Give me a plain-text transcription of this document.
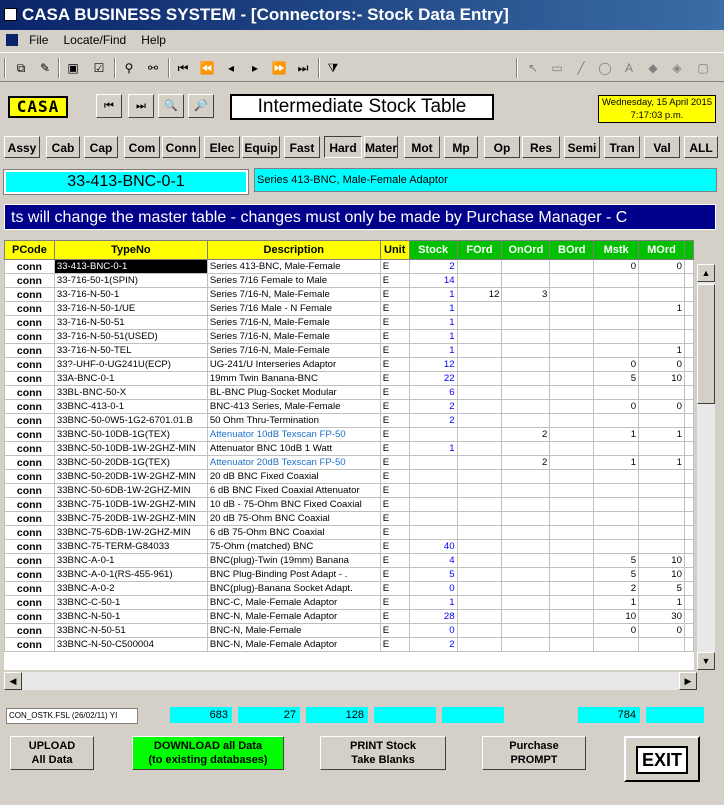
CASA BUSINESS SYSTEM - [Connectors:- Stock Data Entry]
File Locate/Find Help
⧉	✎	▣	☑	⚲	⚯	⏮ ⏪	◂	▸	⏩ ⏭	⧩	↖	▭	╱	◯	A	◆	◈	▢
CASA	⏮	⏭	🔍	🔎	Intermediate Stock Table	Wednesday, 15 April 2015
7:17:03 p.m.
Assy	Cab	Cap	Com Conn	Elec Equip	Fast	Hard Mater	Mot	Mp	Op	Res	Semi	Tran	Val	ALL
33-413-BNC-0-1	Series 413-BNC, Male-Female Adaptor
ts will change the master table - changes must only be made by Purchase Manager - C
PCode	TypeNo	Description	Unit	Stock	FOrd	OnOrd	BOrd	Mstk	MOrd	
conn	33-413-BNC-0-1	Series 413-BNC, Male-Female	E	2				0	0	
conn	33-716-50-1(SPIN)	Series 7/16 Female to Male	E	14						
conn	33-716-N-50-1	Series 7/16-N, Male-Female	E	1	12	3				
conn	33-716-N-50-1/UE	Series 7/16 Male - N Female	E	1					1	
conn	33-716-N-50-51	Series 7/16-N, Male-Female	E	1						
conn	33-716-N-50-51(USED)	Series 7/16-N, Male-Female	E	1						
conn	33-716-N-50-TEL	Series 7/16-N, Male-Female	E	1					1	
conn	33?-UHF-0-UG241U(ECP)	UG-241/U Interseries Adaptor	E	12				0	0	
conn	33A-BNC-0-1	19mm Twin Banana-BNC	E	22				5	10	
conn	33BL-BNC-50-X	BL-BNC Plug-Socket Modular	E	6						
conn	33BNC-413-0-1	BNC-413 Series, Male-Female	E	2				0	0	
conn	33BNC-50-0W5-1G2-6701.01.B	50 Ohm Thru-Termination	E	2						
conn	33BNC-50-10DB-1G(TEX)	Attenuator 10dB Texscan FP-50	E			2		1	1	
conn	33BNC-50-10DB-1W-2GHZ-MIN	Attenuator BNC 10dB 1 Watt	E	1						
conn	33BNC-50-20DB-1G(TEX)	Attenuator 20dB Texscan FP-50	E			2		1	1	
conn	33BNC-50-20DB-1W-2GHZ-MIN	20 dB BNC Fixed Coaxial	E							
conn	33BNC-50-6DB-1W-2GHZ-MIN	6 dB BNC Fixed Coaxial Attenuator	E							
conn	33BNC-75-10DB-1W-2GHZ-MIN	10 dB - 75-Ohm BNC Fixed Coaxial	E							
conn	33BNC-75-20DB-1W-2GHZ-MIN	20 dB 75-Ohm BNC Coaxial	E							
conn	33BNC-75-6DB-1W-2GHZ-MIN	6 dB 75-Ohm BNC Coaxial	E							
conn	33BNC-75-TERM-G84033	75-Ohm (matched) BNC	E	40						
conn	33BNC-A-0-1	BNC(plug)-Twin (19mm) Banana	E	4				5	10	
conn	33BNC-A-0-1(RS-455-961)	BNC Plug-Binding Post Adapt - .	E	5				5	10	
conn	33BNC-A-0-2	BNC(plug)-Banana Socket Adapt.	E	0				2	5	
conn	33BNC-C-50-1	BNC-C, Male-Female Adaptor	E	1				1	1	
conn	33BNC-N-50-1	BNC-N, Male-Female Adaptor	E	28				10	30	
conn	33BNC-N-50-51	BNC-N, Male-Female	E	0				0	0	
conn	33BNC-N-50-C500004	BNC-N, Male-Female Adaptor	E	2						
▲
▼
◀	▶
CON_OSTK.FSL (26/02/11) YI	683	27	128	784
UPLOAD
All Data
DOWNLOAD all Data
(to existing databases)
PRINT Stock
Take Blanks
Purchase
PROMPT	EXIT
